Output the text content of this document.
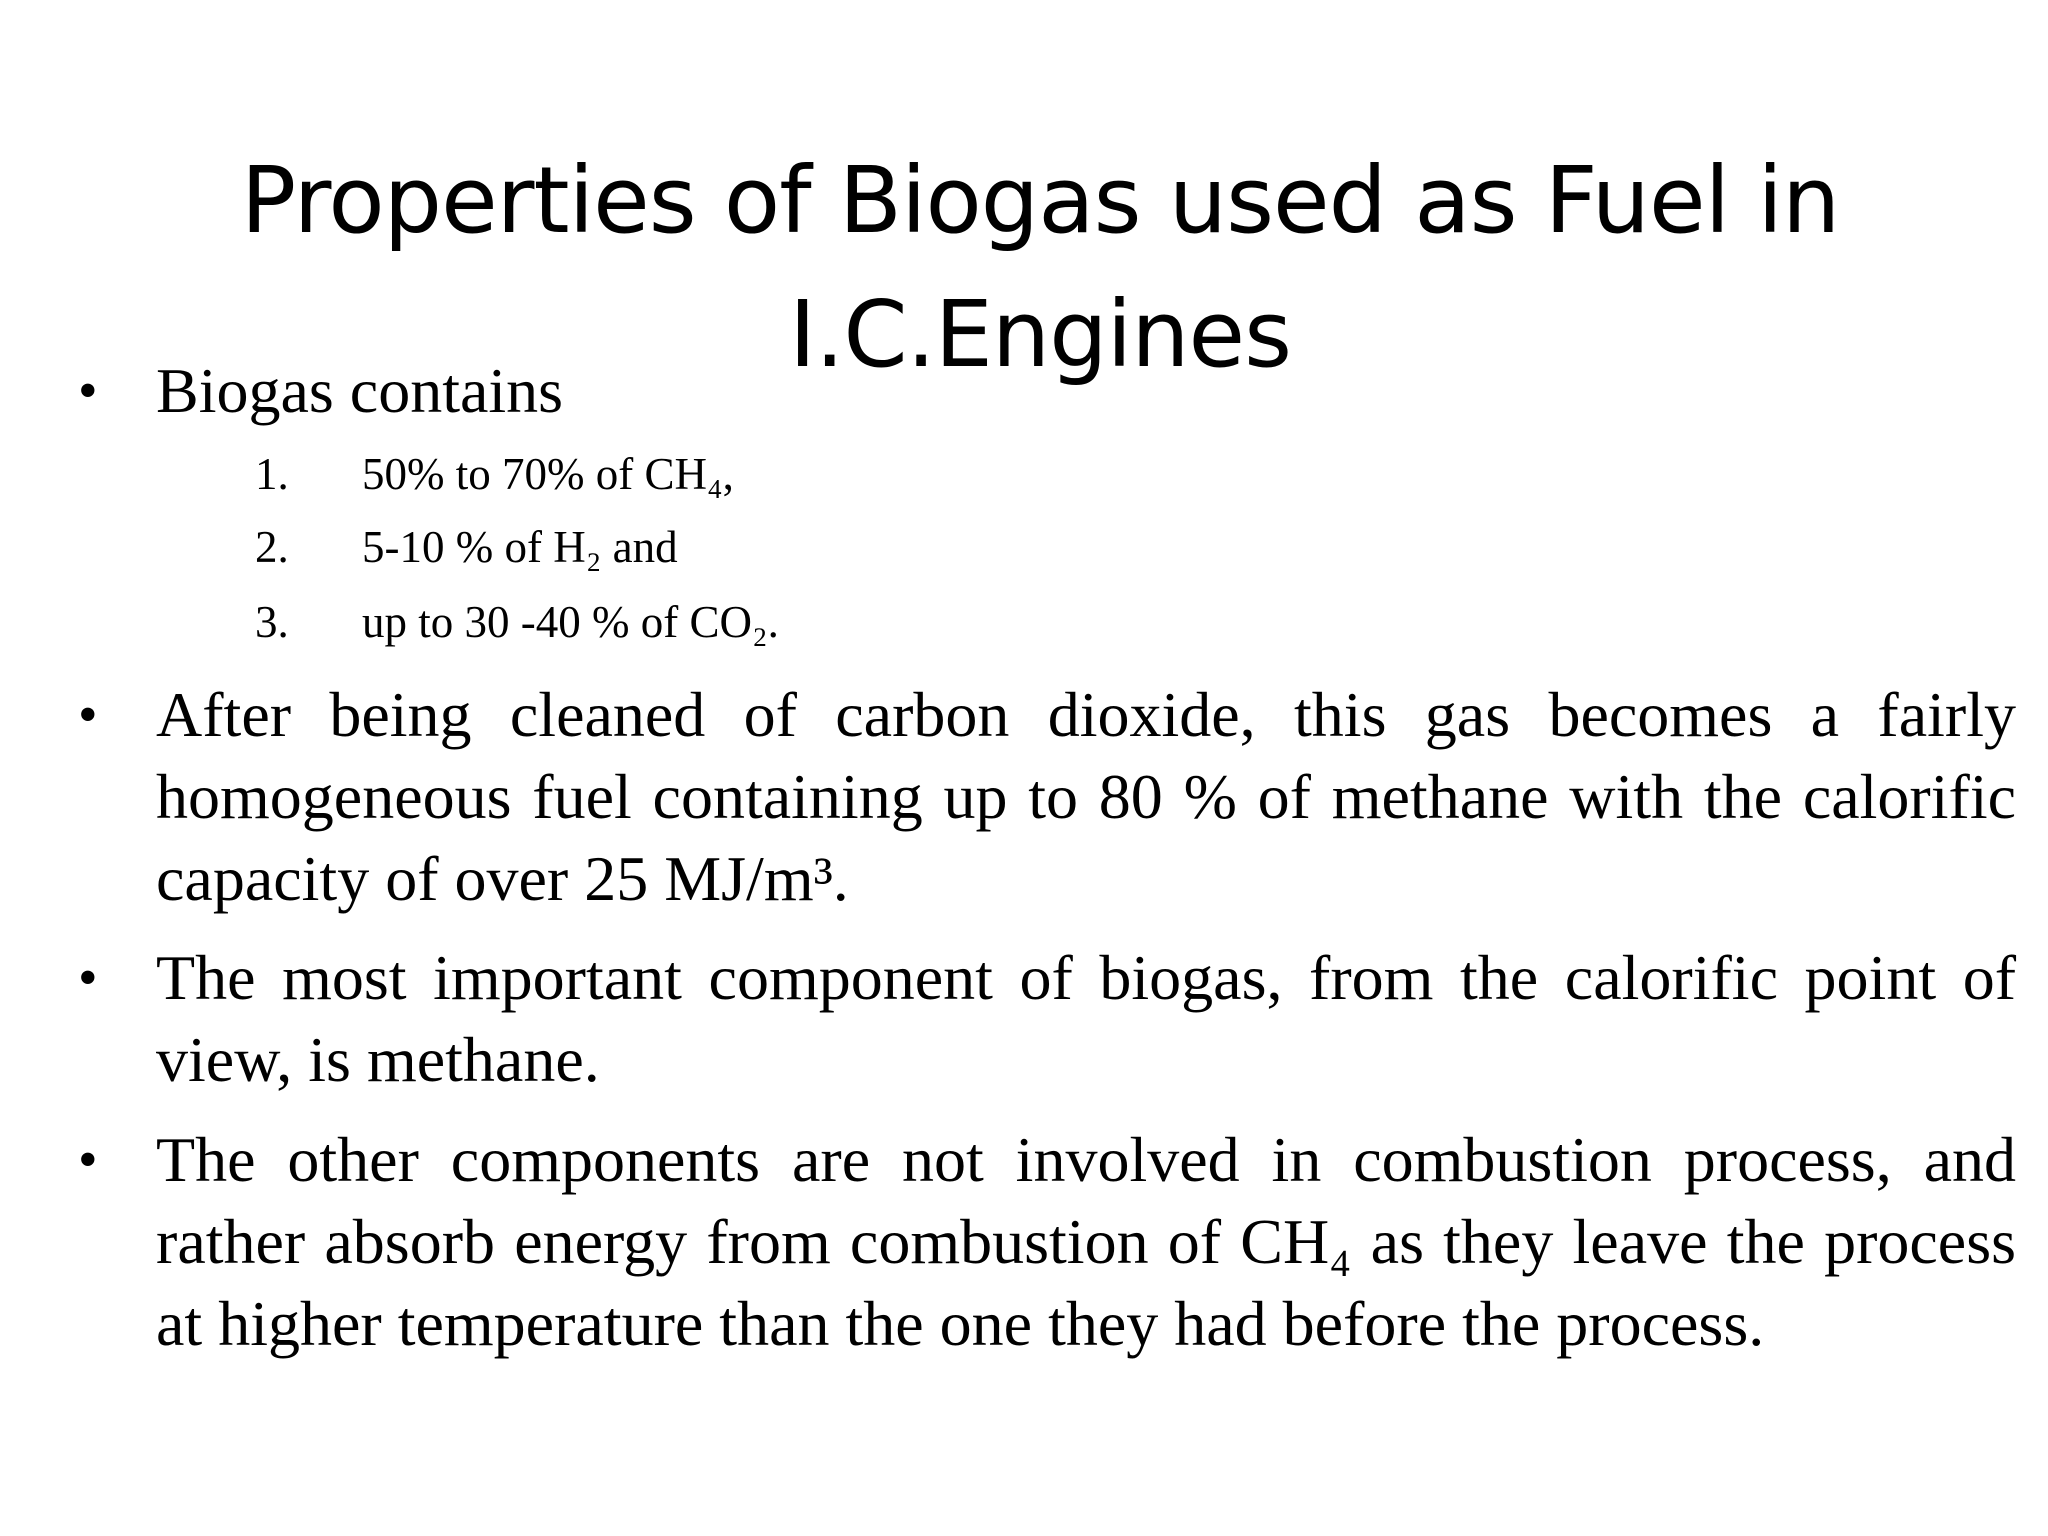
Properties of Biogas used as Fuel in
I.C.Engines
• Biogas contains
1. 50% to 70% of CH₄,
2. 5-10 % of H₂ and
3. up to 30 -40 % of CO₂.
• After being cleaned of carbon dioxide, this gas becomes a fairly homogeneous fuel containing up to 80 % of methane with the calorific capacity of over 25 MJ/m³.
• The most important component of biogas, from the calorific point of view, is methane.
• The other components are not involved in combustion process, and rather absorb energy from combustion of CH₄ as they leave the process at higher temperature than the one they had before the process.
